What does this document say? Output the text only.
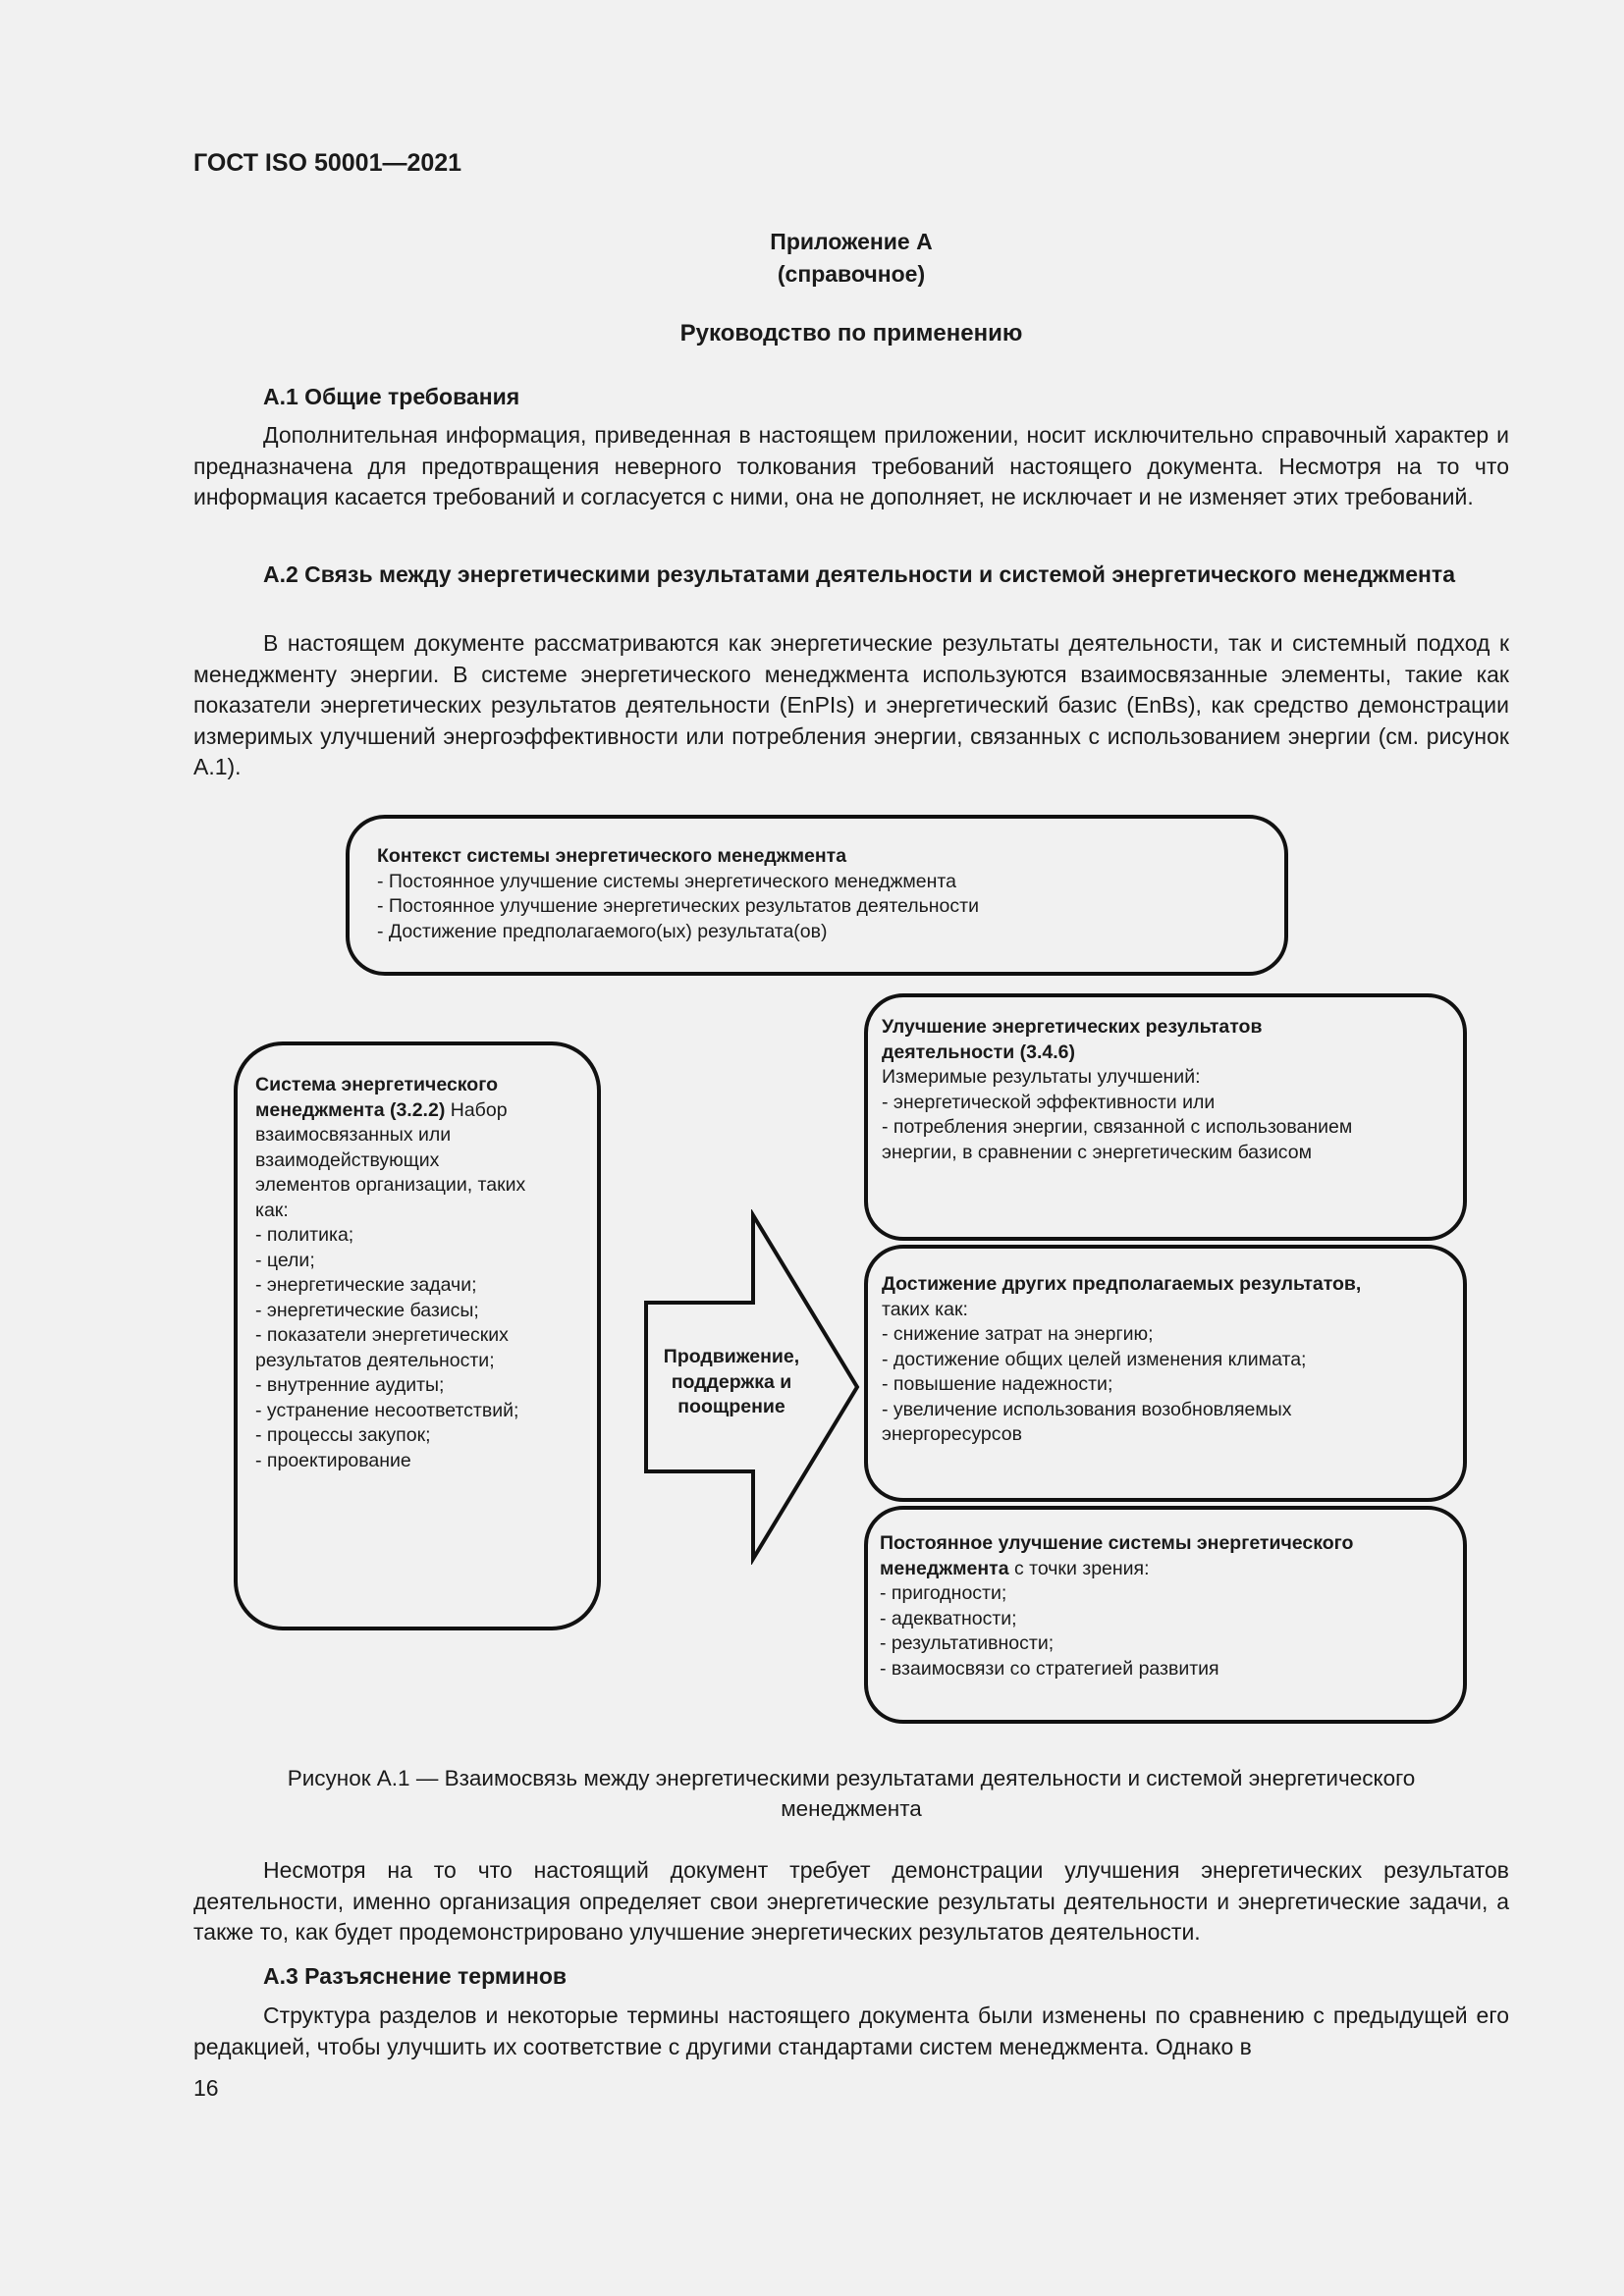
ГОСТ ISO 50001—2021
Приложение А
(справочное)
Руководство по применению
А.1 Общие требования
Дополнительная информация, приведенная в настоящем приложении, носит исключительно справочный характер и предназначена для предотвращения неверного толкования требований настоящего документа. Несмотря на то что информация касается требований и согласуется с ними, она не дополняет, не исключает и не изменяет этих требований.
А.2 Связь между энергетическими результатами деятельности и системой энергетического менеджмента
В настоящем документе рассматриваются как энергетические результаты деятельности, так и системный подход к менеджменту энергии. В системе энергетического менеджмента используются взаимосвязанные элементы, такие как показатели энергетических результатов деятельности (EnPIs) и энергетический базис (EnBs), как средство демонстрации измеримых улучшений энергоэффективности или потребления энергии, связанных с использованием энергии (см. рисунок А.1).
Контекст системы энергетического менеджмента
- Постоянное улучшение системы энергетического менеджмента
- Постоянное улучшение энергетических результатов деятельности
- Достижение предполагаемого(ых) результата(ов)
Система энергетического
менеджмента (3.2.2) Набор
взаимосвязанных или
взаимодействующих
элементов организации, таких
как:
- политика;
- цели;
- энергетические задачи;
- энергетические базисы;
- показатели энергетических
результатов деятельности;
- внутренние аудиты;
- устранение несоответствий;
- процессы закупок;
- проектирование
Продвижение,
поддержка и
поощрение
Улучшение энергетических результатов
деятельности (3.4.6)
Измеримые результаты улучшений:
- энергетической эффективности или
- потребления энергии, связанной с использованием
энергии, в сравнении с энергетическим базисом
Достижение других предполагаемых результатов,
таких как:
- снижение затрат на энергию;
- достижение общих целей изменения климата;
- повышение надежности;
- увеличение использования возобновляемых
энергоресурсов
Постоянное улучшение системы энергетического
менеджмента с точки зрения:
- пригодности;
- адекватности;
- результативности;
- взаимосвязи со стратегией развития
Рисунок А.1 — Взаимосвязь между энергетическими результатами деятельности и системой энергетического
менеджмента
Несмотря на то что настоящий документ требует демонстрации улучшения энергетических результатов деятельности, именно организация определяет свои энергетические результаты деятельности и энергетические задачи, а также то, как будет продемонстрировано улучшение энергетических результатов деятельности.
А.3 Разъяснение терминов
Структура разделов и некоторые термины настоящего документа были изменены по сравнению с предыдущей его редакцией, чтобы улучшить их соответствие с другими стандартами систем менеджмента. Однако в
16
